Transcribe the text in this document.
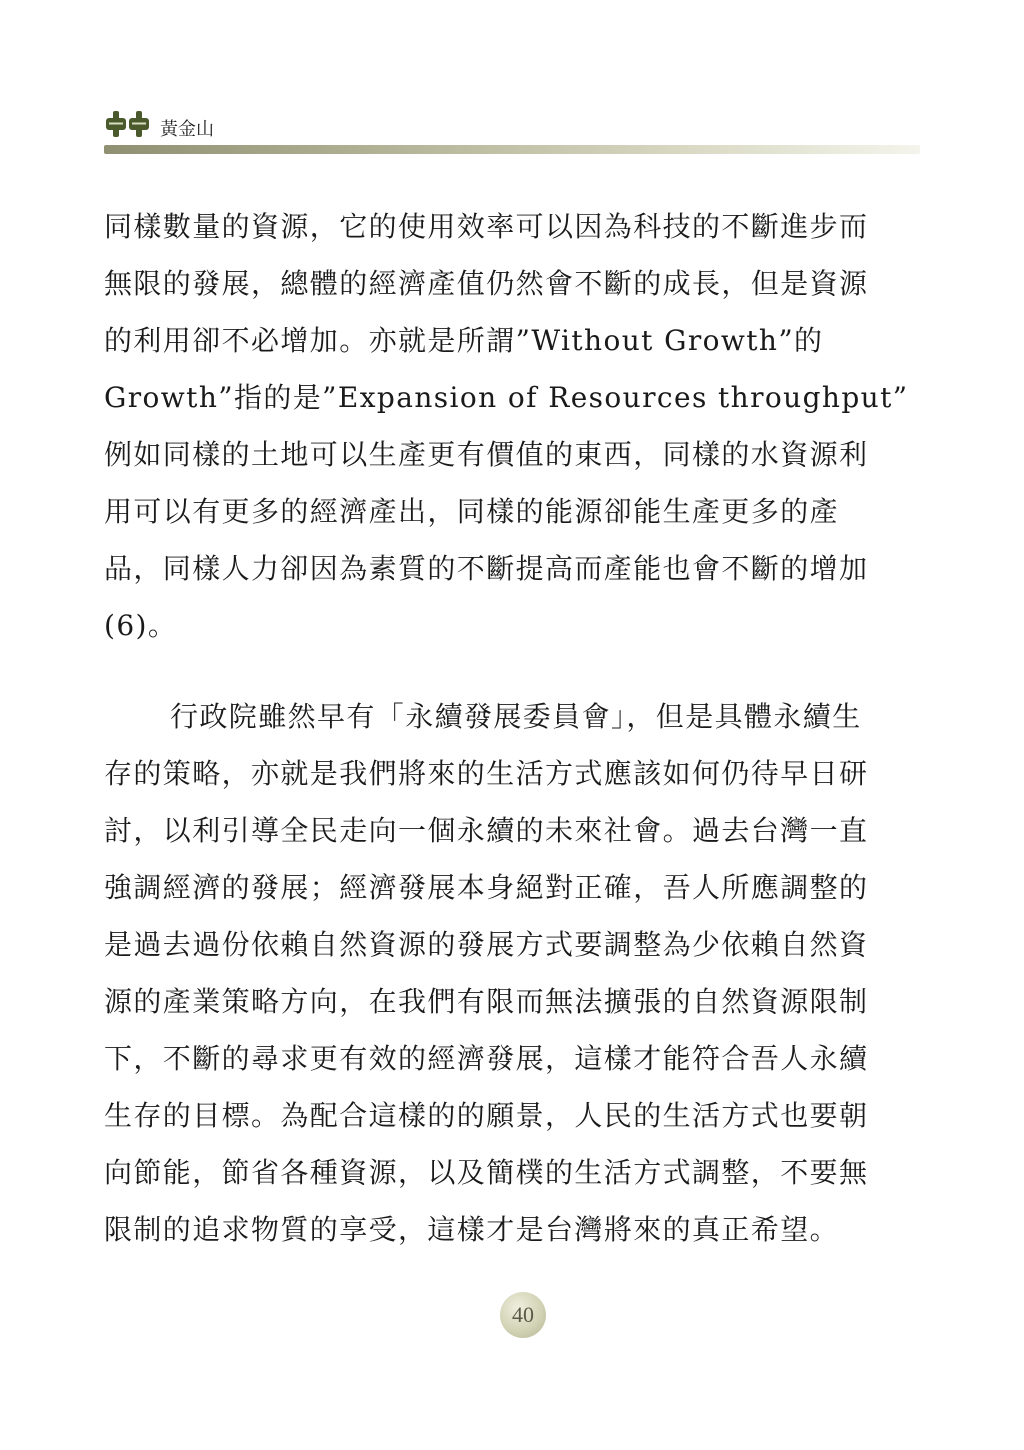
黃金山
同樣數量的資源，它的使用效率可以因為科技的不斷進步而
無限的發展，總體的經濟產值仍然會不斷的成長，但是資源
的利用卻不必增加。亦就是所謂”Without Growth”的
Growth”指的是”Expansion of Resources throughput”
例如同樣的土地可以生產更有價值的東西，同樣的水資源利
用可以有更多的經濟產出，同樣的能源卻能生產更多的產
品，同樣人力卻因為素質的不斷提高而產能也會不斷的增加
(6)。
行政院雖然早有「永續發展委員會」，但是具體永續生
存的策略，亦就是我們將來的生活方式應該如何仍待早日研
討，以利引導全民走向一個永續的未來社會。過去台灣一直
強調經濟的發展；經濟發展本身絕對正確，吾人所應調整的
是過去過份依賴自然資源的發展方式要調整為少依賴自然資
源的產業策略方向，在我們有限而無法擴張的自然資源限制
下，不斷的尋求更有效的經濟發展，這樣才能符合吾人永續
生存的目標。為配合這樣的的願景，人民的生活方式也要朝
向節能，節省各種資源，以及簡樸的生活方式調整，不要無
限制的追求物質的享受，這樣才是台灣將來的真正希望。
40
